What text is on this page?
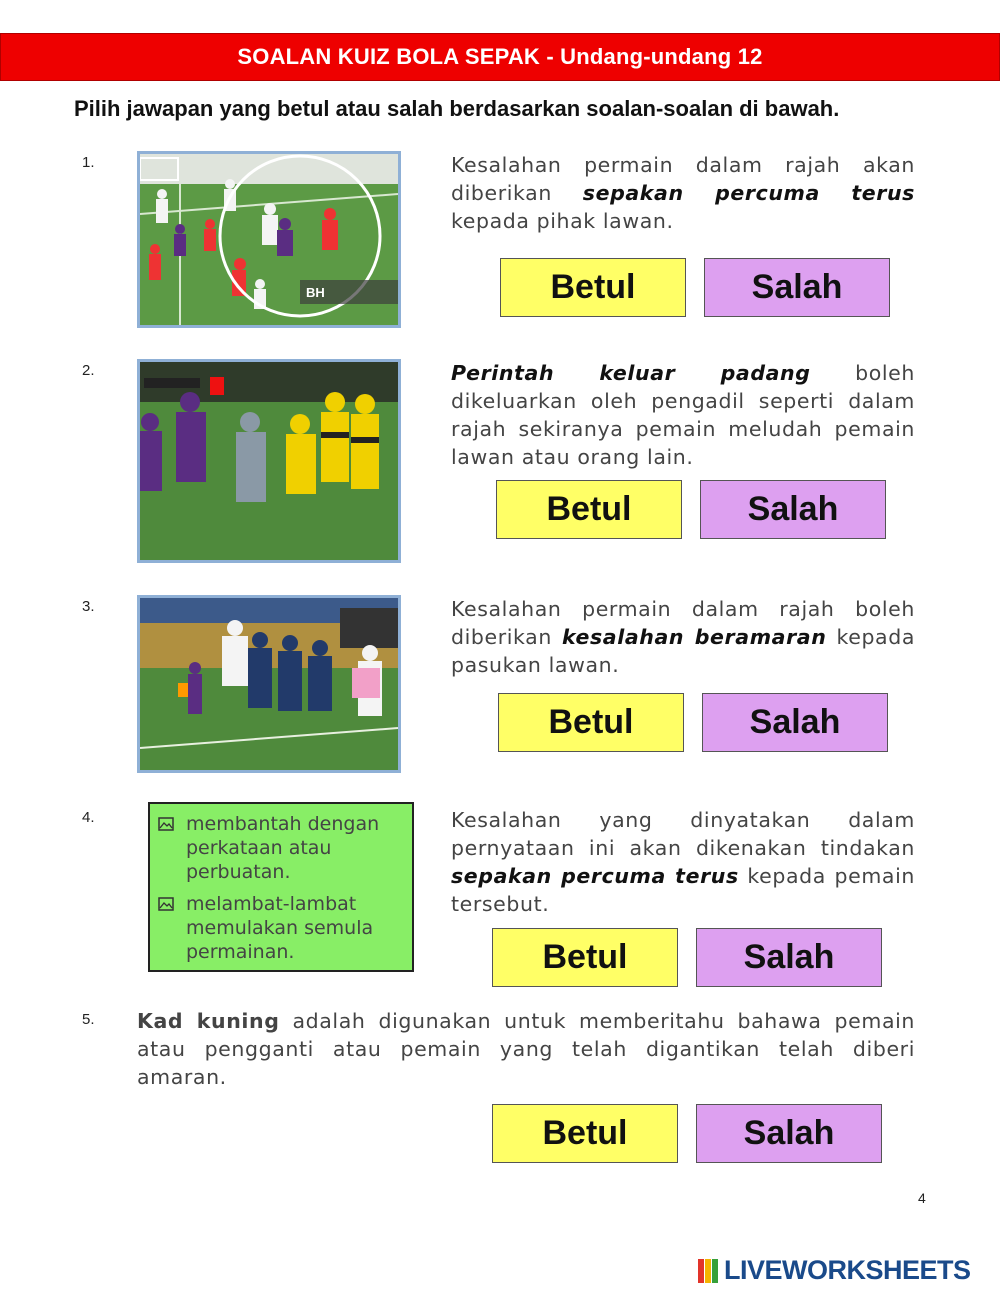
SOALAN KUIZ BOLA SEPAK - Undang-undang 12
Pilih jawapan yang betul atau salah berdasarkan soalan-soalan di bawah.
1.
BH
Kesalahan permain dalam rajah akan diberikan sepakan percuma terus kepada pihak lawan.
Betul	Salah
2.	Perintah keluar padang boleh dikeluarkan oleh pengadil seperti dalam rajah sekiranya pemain meludah pemain lawan atau orang lain.
Betul	Salah
3.	Kesalahan permain dalam rajah boleh diberikan kesalahan beramaran kepada pasukan lawan.
Betul	Salah
4.	membantah dengan perkataan atau perbuatan.
melambat-lambat memulakan semula permainan.
Kesalahan yang dinyatakan dalam pernyataan ini akan dikenakan tindakan sepakan percuma terus kepada pemain tersebut.
Betul	Salah
5. Kad kuning adalah digunakan untuk memberitahu bahawa pemain atau pengganti atau pemain yang telah digantikan telah diberi amaran.
Betul	Salah
4
LIVEWORKSHEETS
